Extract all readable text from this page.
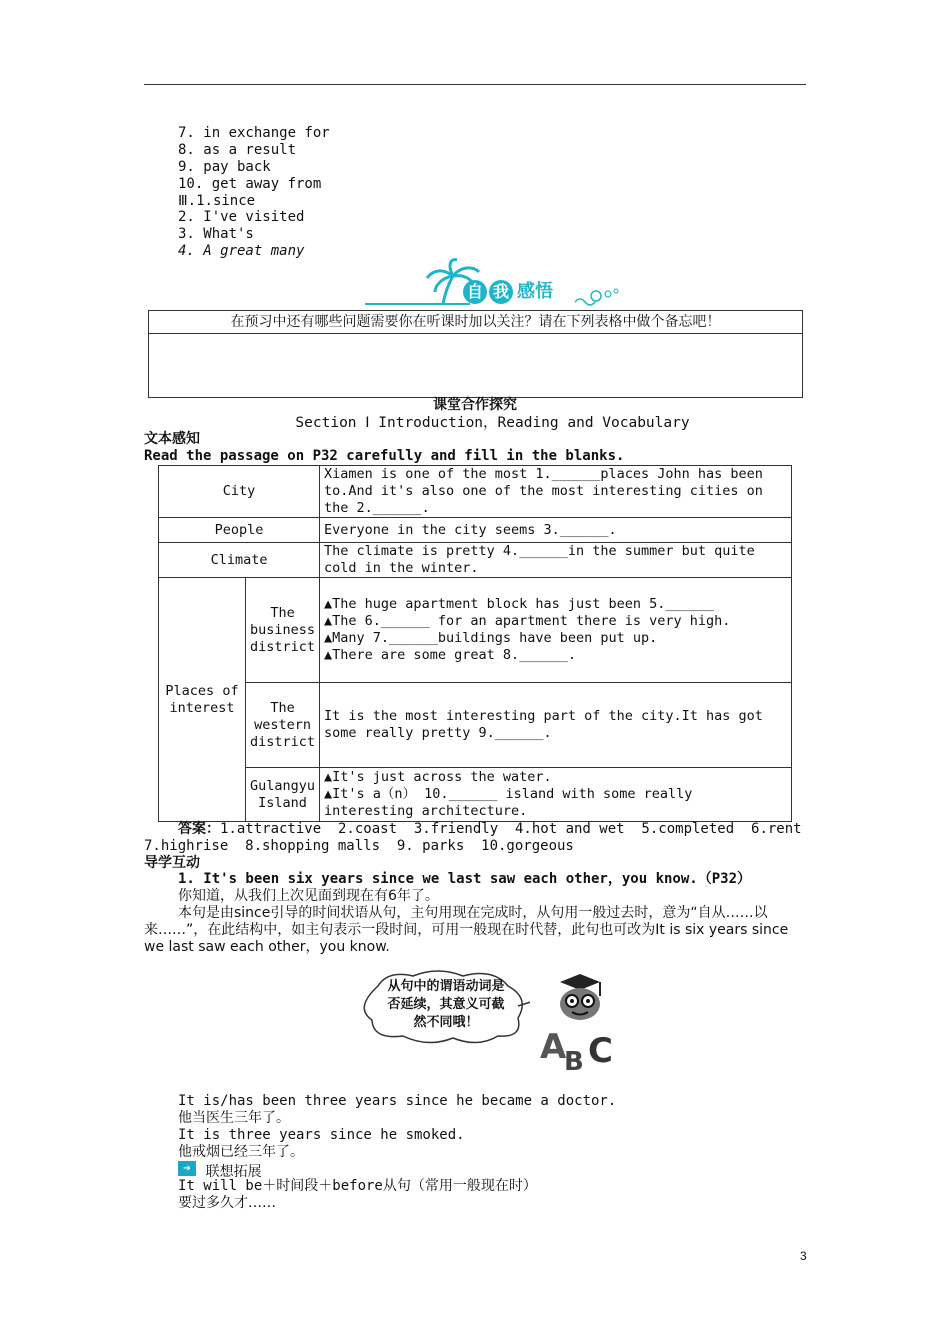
7. in exchange for
8. as a result
9. pay back
10. get away from
Ⅲ.1.since
2. I've visited
3. What's
4. A great many
自 我 感悟
在预习中还有哪些问题需要你在听课时加以关注？请在下列表格中做个备忘吧！
课堂合作探究
Section Ⅰ Introduction，Reading and Vocabulary
文本感知
Read the passage on P32 carefully and fill in the blanks.
City		Xiamen is one of the most 1.______places John has been to.And it's also one of the most interesting cities on the 2.______.
People		Everyone in the city seems 3.______.
Climate		The climate is pretty 4.______in the summer but quite cold in the winter.
Places of interest	The business district	▲The huge apartment block has just been 5.______
▲The 6.______ for an apartment there is very high.
▲Many 7.______buildings have been put up.
▲There are some great 8.______.

	The western district	It is the most interesting part of the city.It has got some really pretty 9.______.
	Gulangyu Island	▲It's just across the water.
▲It's a（n） 10.______ island with some really interesting architecture.
答案：1.attractive  2.coast  3.friendly  4.hot and wet  5.completed  6.rent
7.highrise  8.shopping malls  9. parks  10.gorgeous
导学互动
1. It's been six years since we last saw each other，you know.（P32）
你知道，从我们上次见面到现在有6年了。
本句是由since引导的时间状语从句，主句用现在完成时，从句用一般过去时，意为“自从……以来……”，在此结构中，如主句表示一段时间，可用一般现在时代替，此句也可改为It is six years since we last saw each other，you know.
从句中的谓语动词是否延续，其意义可截然不同哦！
A
B C
It is/has been three years since he became a doctor.
他当医生三年了。
It is three years since he smoked.
他戒烟已经三年了。
➔ 联想拓展
It will be＋时间段＋before从句（常用一般现在时）
要过多久才……
3
